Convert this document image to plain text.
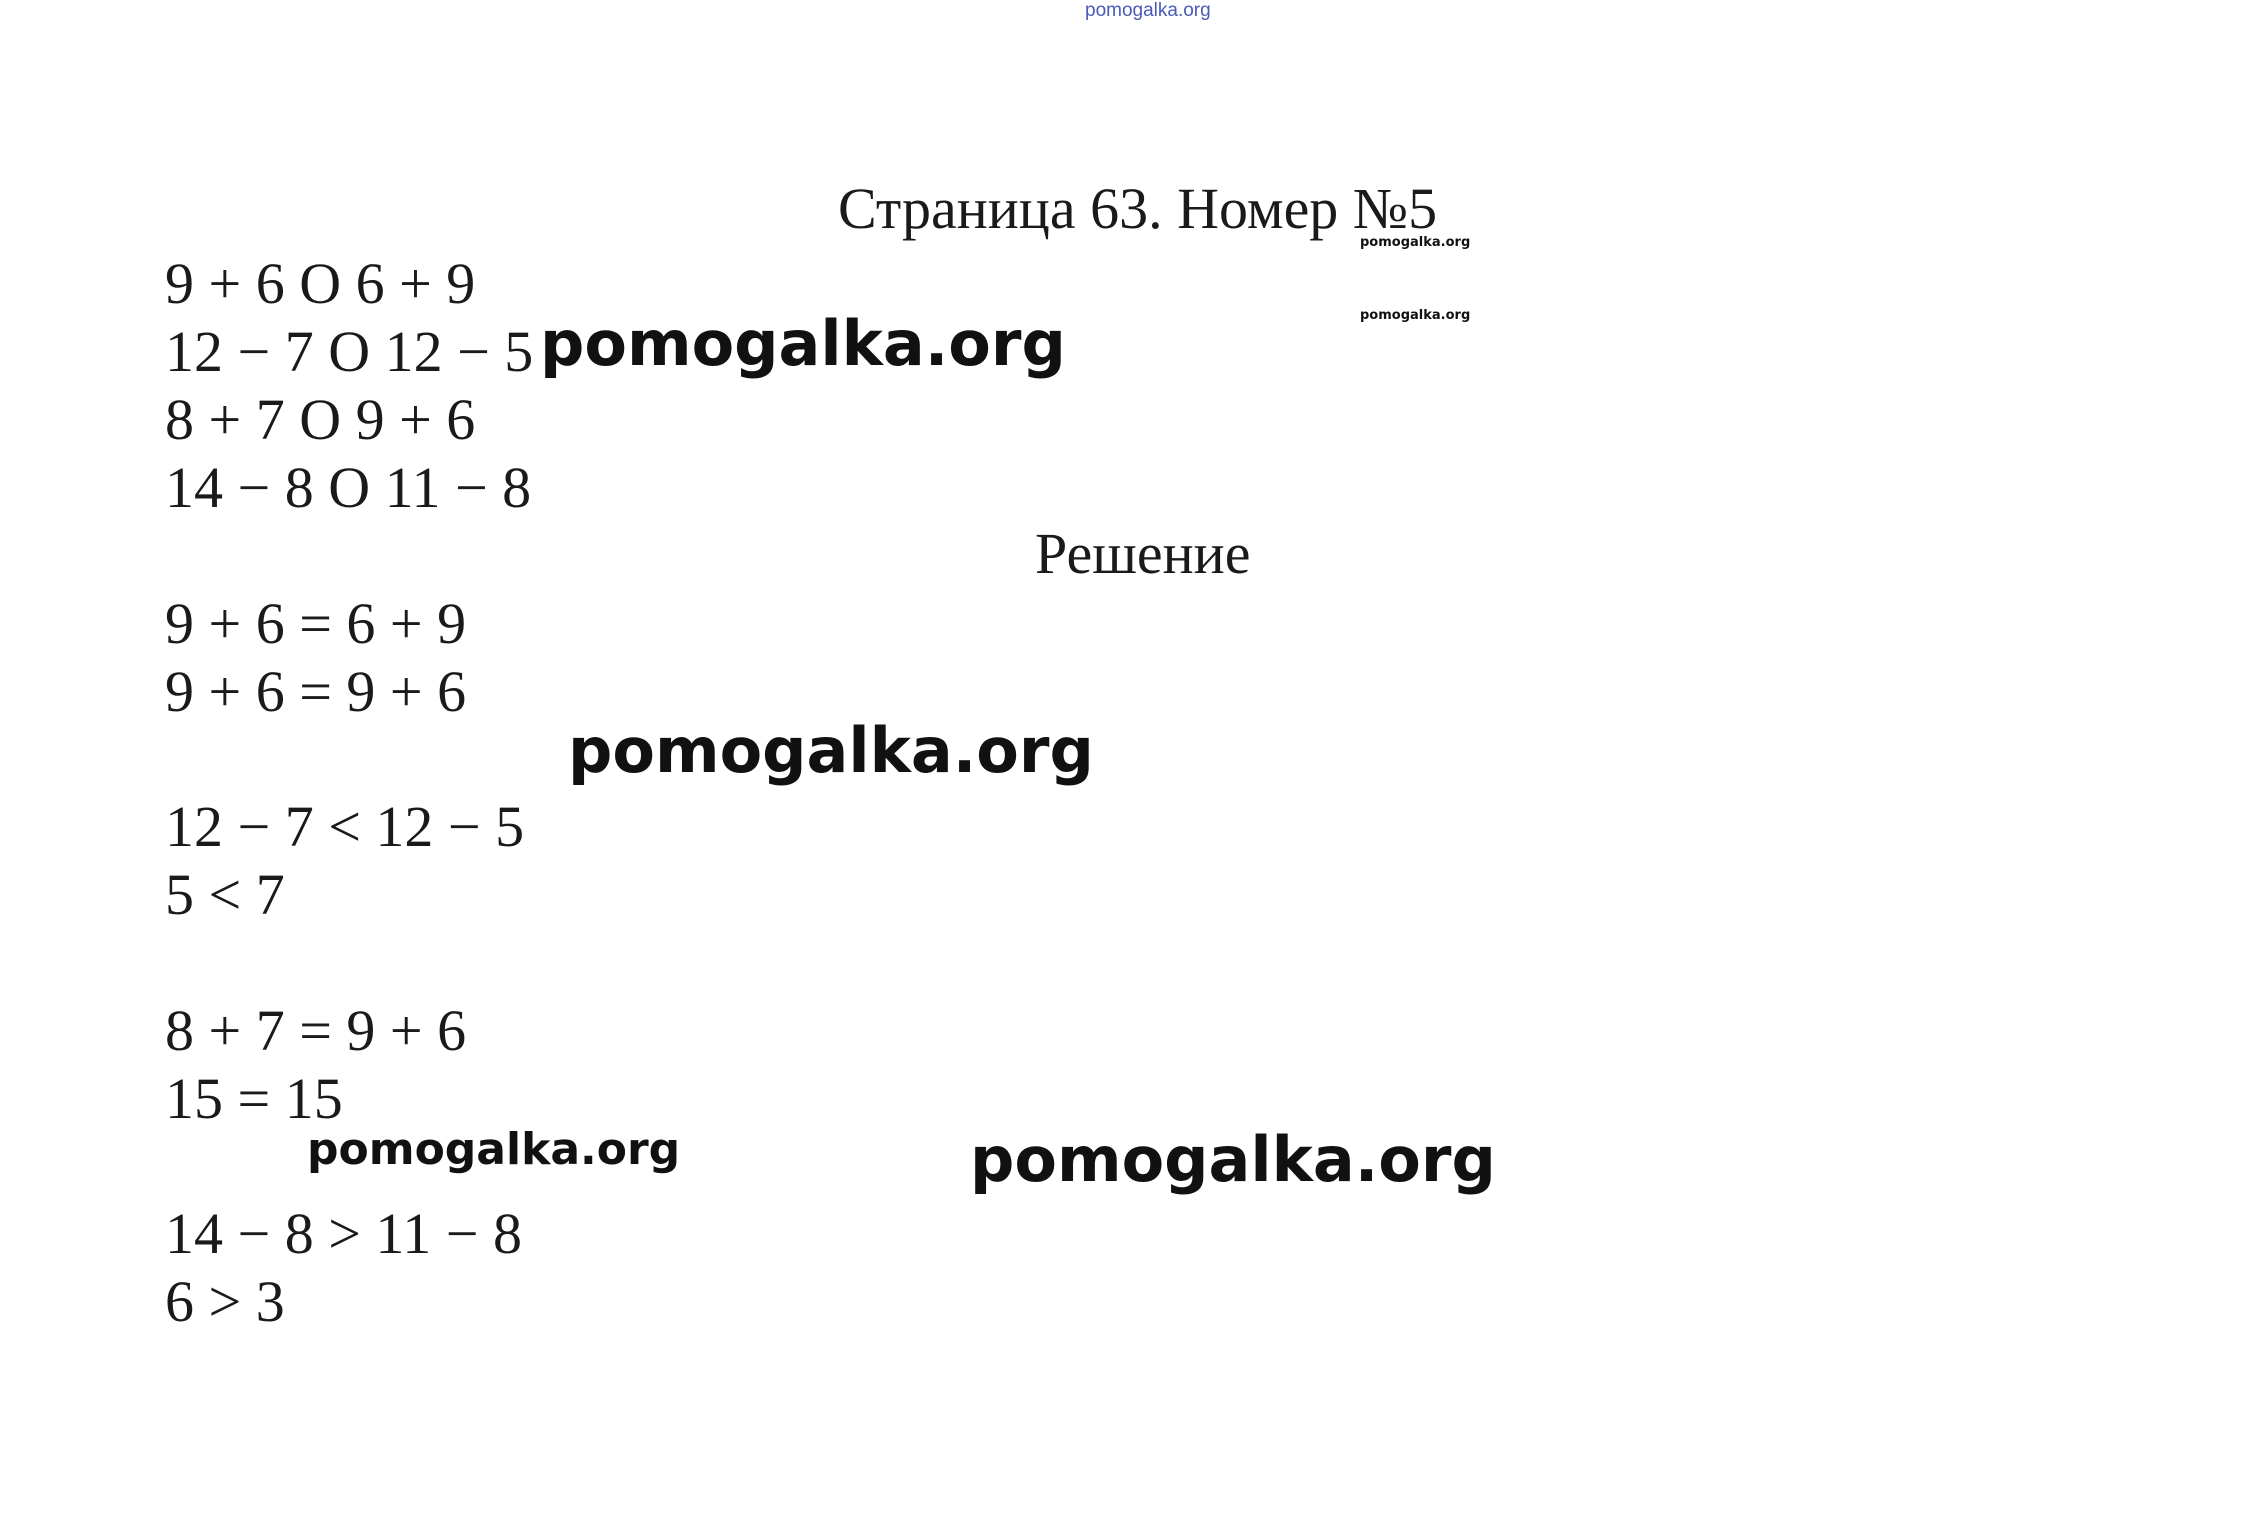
pomogalka.org
Страница 63. Номер №5
9 + 6 O 6 + 9
12 − 7 O 12 − 5
8 + 7 O 9 + 6
14 − 8 O 11 − 8
Решение
9 + 6 = 6 + 9
9 + 6 = 9 + 6
12 − 7 < 12 − 5
5 < 7
8 + 7 = 9 + 6
15 = 15
14 − 8 > 11 − 8
6 > 3
pomogalka.org
pomogalka.org
pomogalka.org
pomogalka.org
pomogalka.org	pomogalka.org
